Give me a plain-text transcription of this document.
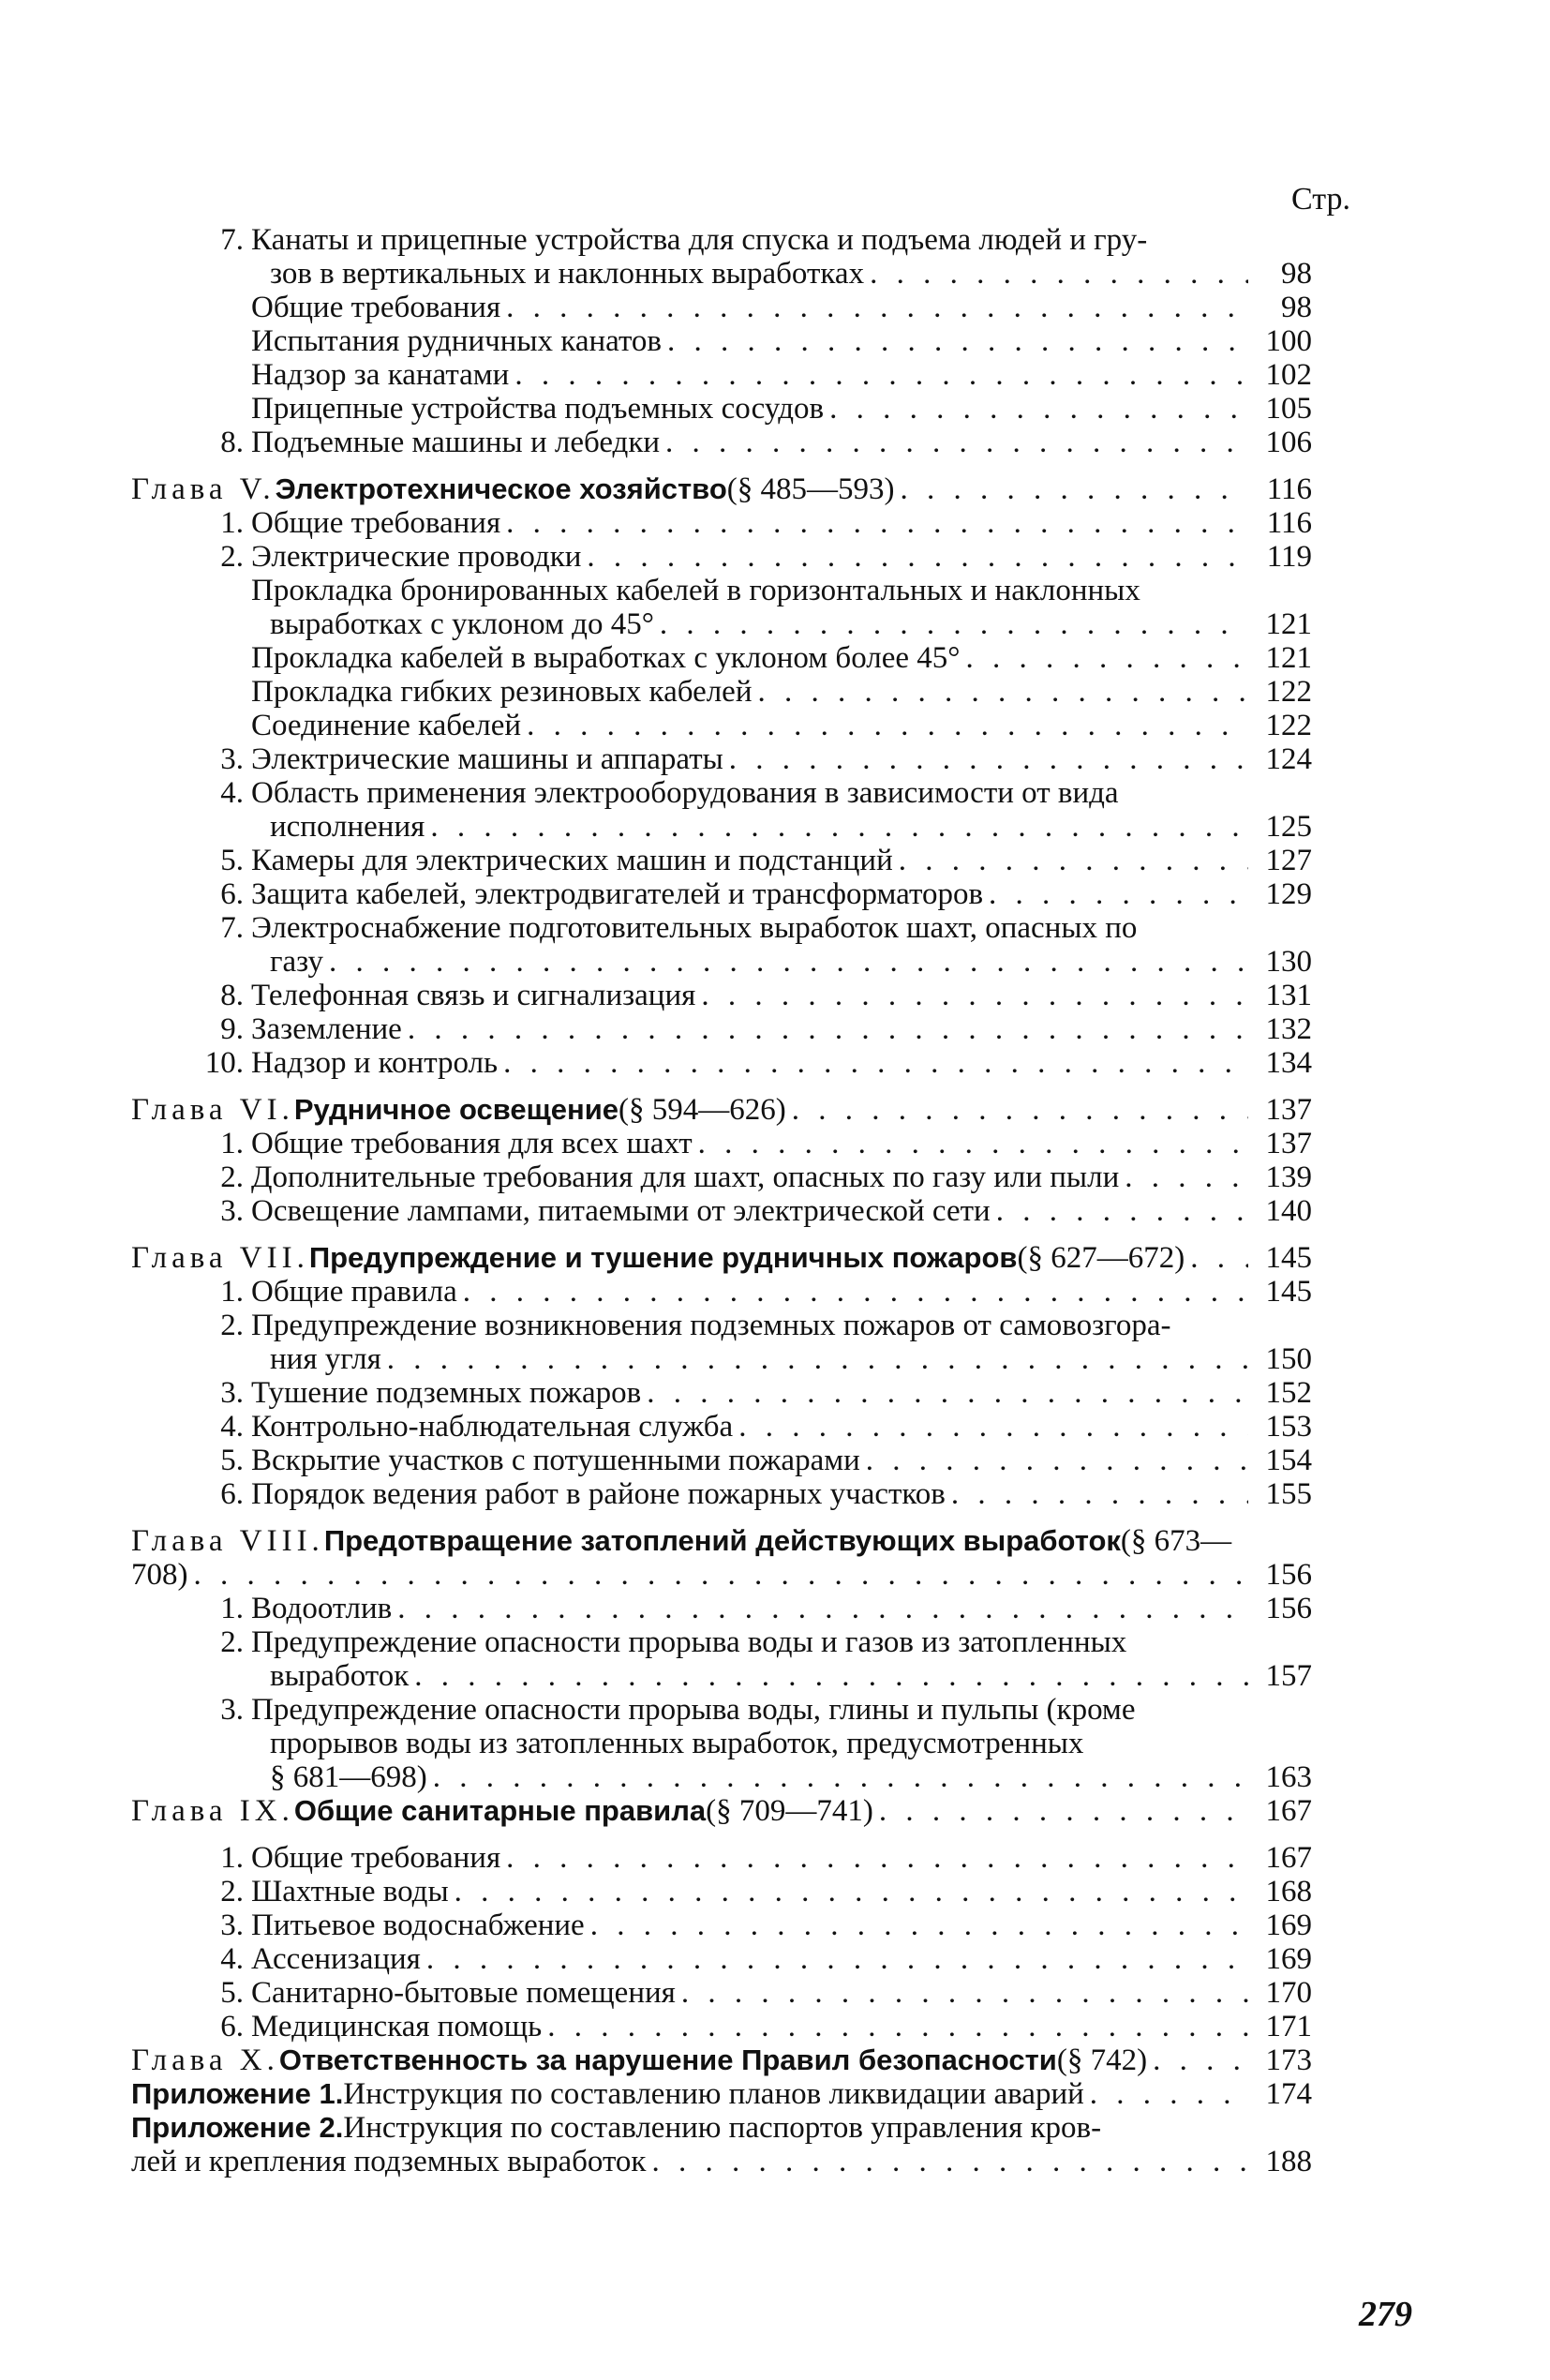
Стр.
7. Канаты и прицепные устройства для спуска и подъема людей и гру-
зов в вертикальных и наклонных выработках . . .	98
Общие требования . . .	98
Испытания рудничных канатов . . .	100
Надзор за канатами . . .	102
Прицепные устройства подъемных сосудов . . .	105
8. Подъемные машины и лебедки . . .	106
Глава V. Электротехническое хозяйство (§ 485—593) . . .	116
1. Общие требования . . .	116
2. Электрические проводки . . .	119
Прокладка бронированных кабелей в горизонтальных и наклонных
выработках с уклоном до 45° . . .	121
Прокладка кабелей в выработках с уклоном более 45° . . .	121
Прокладка гибких резиновых кабелей . . .	122
Соединение кабелей . . .	122
3. Электрические машины и аппараты . . .	124
4. Область применения электрооборудования в зависимости от вида
исполнения . . .	125
5. Камеры для электрических машин и подстанций . . .	127
6. Защита кабелей, электродвигателей и трансформаторов . . .	129
7. Электроснабжение подготовительных выработок шахт, опасных по
газу . . .	130
8. Телефонная связь и сигнализация . . .	131
9. Заземление . . .	132
10. Надзор и контроль . . .	134
Глава VI. Рудничное освещение (§ 594—626) . . .	137
1. Общие требования для всех шахт . . .	137
2. Дополнительные требования для шахт, опасных по газу или пыли . . .	139
3. Освещение лампами, питаемыми от электрической сети . . .	140
Глава VII. Предупреждение и тушение рудничных пожаров (§ 627—672) . . .	145
1. Общие правила . . .	145
2. Предупреждение возникновения подземных пожаров от самовозгора-
ния угля . . .	150
3. Тушение подземных пожаров . . .	152
4. Контрольно-наблюдательная служба . . .	153
5. Вскрытие участков с потушенными пожарами . . .	154
6. Порядок ведения работ в районе пожарных участков . . .	155
Глава VIII. Предотвращение затоплений действующих выработок (§ 673—
708) . . .	156
1. Водоотлив . . .	156
2. Предупреждение опасности прорыва воды и газов из затопленных
выработок . . .	157
3. Предупреждение опасности прорыва воды, глины и пульпы (кроме
прорывов воды из затопленных выработок, предусмотренных
§ 681—698) . . .	163
Глава IX. Общие санитарные правила (§ 709—741) . . .	167
1. Общие требования . . .	167
2. Шахтные воды . . .	168
3. Питьевое водоснабжение . . .	169
4. Ассенизация . . .	169
5. Санитарно-бытовые помещения . . .	170
6. Медицинская помощь . . .	171
Глава X. Ответственность за нарушение Правил безопасности (§ 742) . . .	173
Приложение 1. Инструкция по составлению планов ликвидации аварий . . .	174
Приложение 2. Инструкция по составлению паспортов управления кров-
лей и крепления подземных выработок . . .	188
279
